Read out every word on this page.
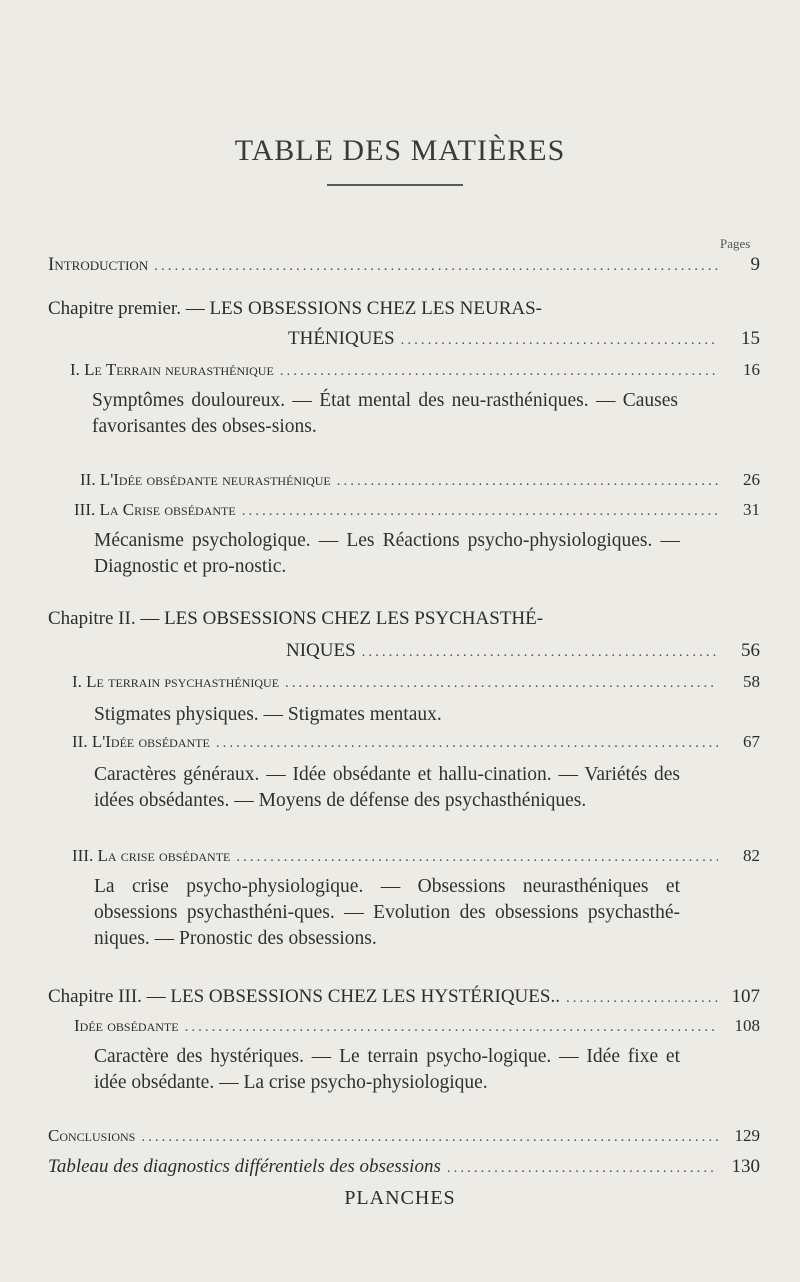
TABLE DES MATIÈRES
Pages
Introduction .....	9
Chapitre premier. — LES OBSESSIONS CHEZ LES NEURAS-
THÉNIQUES .....	15
I. Le Terrain neurasthénique .....	16
Symptômes douloureux. — État mental des neu-rasthéniques. — Causes favorisantes des obses-sions.
II. L'Idée obsédante neurasthénique .....	26
III. La Crise obsédante .....	31
Mécanisme psychologique. — Les Réactions psycho-physiologiques. — Diagnostic et pro-nostic.
Chapitre II. — LES OBSESSIONS CHEZ LES PSYCHASTHÉ-
NIQUES .....	56
I. Le terrain psychasthénique .....	58
Stigmates physiques. — Stigmates mentaux.
II. L'Idée obsédante .....	67
Caractères généraux. — Idée obsédante et hallu-cination. — Variétés des idées obsédantes. — Moyens de défense des psychasthéniques.
III. La crise obsédante .....	82
La crise psycho-physiologique. — Obsessions neurasthéniques et obsessions psychasthéni-ques. — Evolution des obsessions psychasthé-niques. — Pronostic des obsessions.
Chapitre III. — LES OBSESSIONS CHEZ LES HYSTÉRIQUES.. .....	107
Idée obsédante .....	108
Caractère des hystériques. — Le terrain psycho-logique. — Idée fixe et idée obsédante. — La crise psycho-physiologique.
Conclusions .....	129
Tableau des diagnostics différentiels des obsessions .....	130
PLANCHES
